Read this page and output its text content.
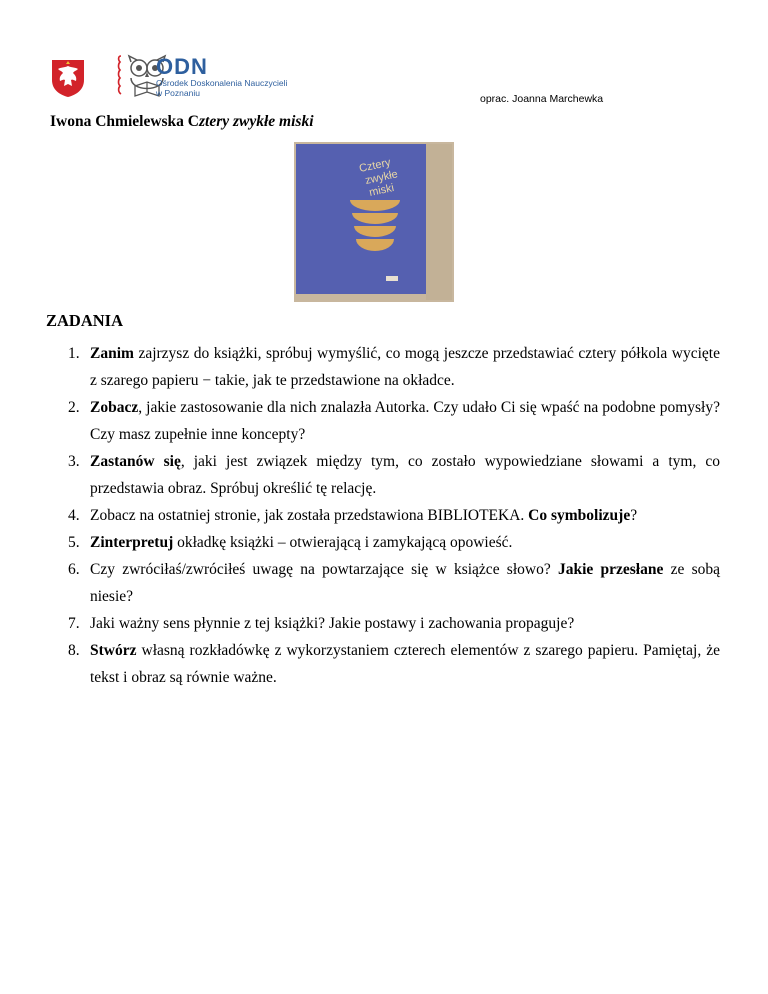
ODN
Ośrodek Doskonalenia Nauczycieli
w Poznaniu	oprac. Joanna Marchewka
Iwona Chmielewska Cztery zwykłe miski
Cztery
zwykłe
miski
ZADANIA
1. Zanim zajrzysz do książki, spróbuj wymyślić, co mogą jeszcze przedstawiać cztery półkola wycięte z szarego papieru − takie, jak te przedstawione na okładce.
2. Zobacz, jakie zastosowanie dla nich znalazła Autorka. Czy udało Ci się wpaść na podobne pomysły? Czy masz zupełnie inne koncepty?
3. Zastanów się, jaki jest związek między tym, co zostało wypowiedziane słowami a tym, co przedstawia obraz. Spróbuj określić tę relację.
4. Zobacz na ostatniej stronie, jak została przedstawiona BIBLIOTEKA. Co symbolizuje?
5. Zinterpretuj okładkę książki – otwierającą i zamykającą opowieść.
6. Czy zwróciłaś/zwróciłeś uwagę na powtarzające się w książce słowo? Jakie przesłane ze sobą niesie?
7. Jaki ważny sens płynnie z tej książki? Jakie postawy i zachowania propaguje?
8. Stwórz własną rozkładówkę z wykorzystaniem czterech elementów z szarego papieru. Pamiętaj, że tekst i obraz są równie ważne.
